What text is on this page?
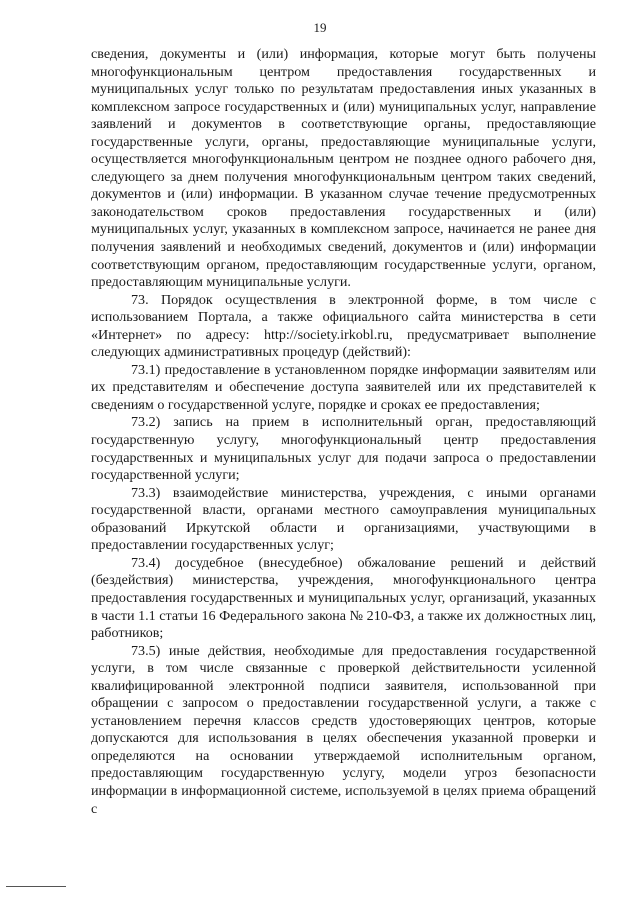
19

сведения, документы и (или) информация, которые могут быть получены многофункциональным центром предоставления государственных и муниципальных услуг только по результатам предоставления иных указанных в комплексном запросе государственных и (или) муниципальных услуг, направление заявлений и документов в соответствующие органы, предоставляющие государственные услуги, органы, предоставляющие муниципальные услуги, осуществляется многофункциональным центром не позднее одного рабочего дня, следующего за днем получения многофункциональным центром таких сведений, документов и (или) информации. В указанном случае течение предусмотренных законодательством сроков предоставления государственных и (или) муниципальных услуг, указанных в комплексном запросе, начинается не ранее дня получения заявлений и необходимых сведений, документов и (или) информации соответствующим органом, предоставляющим государственные услуги, органом, предоставляющим муниципальные услуги.

73. Порядок осуществления в электронной форме, в том числе с использованием Портала, а также официального сайта министерства в сети «Интернет» по адресу: http://society.irkobl.ru, предусматривает выполнение следующих административных процедур (действий):

73.1) предоставление в установленном порядке информации заявителям или их представителям и обеспечение доступа заявителей или их представителей к сведениям о государственной услуге, порядке и сроках ее предоставления;

73.2) запись на прием в исполнительный орган, предоставляющий государственную услугу, многофункциональный центр предоставления государственных и муниципальных услуг для подачи запроса о предоставлении государственной услуги;

73.3) взаимодействие министерства, учреждения, с иными органами государственной власти, органами местного самоуправления муниципальных образований Иркутской области и организациями, участвующими в предоставлении государственных услуг;

73.4) досудебное (внесудебное) обжалование решений и действий (бездействия) министерства, учреждения, многофункционального центра предоставления государственных и муниципальных услуг, организаций, указанных в части 1.1 статьи 16 Федерального закона № 210-ФЗ, а также их должностных лиц, работников;

73.5) иные действия, необходимые для предоставления государственной услуги, в том числе связанные с проверкой действительности усиленной квалифицированной электронной подписи заявителя, использованной при обращении с запросом о предоставлении государственной услуги, а также с установлением перечня классов средств удостоверяющих центров, которые допускаются для использования в целях обеспечения указанной проверки и определяются на основании утверждаемой исполнительным органом, предоставляющим государственную услугу, модели угроз безопасности информации в информационной системе, используемой в целях приема обращений с
